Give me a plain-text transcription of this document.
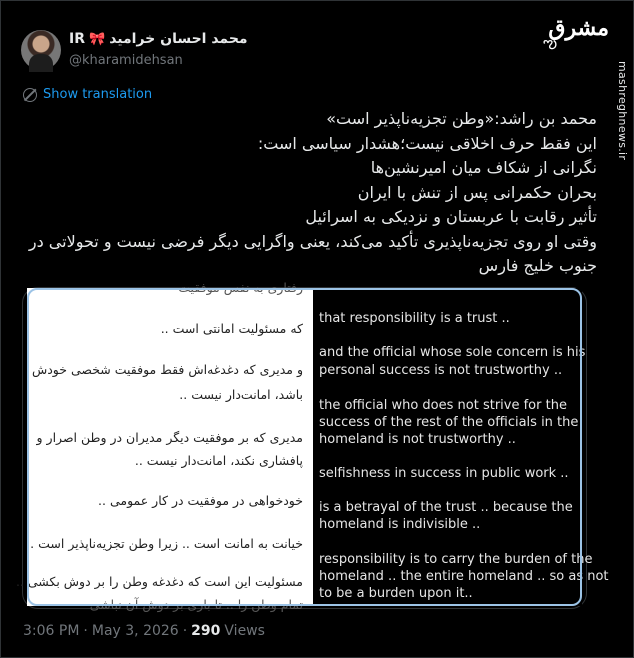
IR 🎀 محمد احسان خرامید
@kharamidehsan
ఌ
مشرق
mashreghnews.ir
Show translation
محمد بن راشد:«وطن تجزیه‌ناپذیر است»
این فقط حرف اخلاقی نیست؛هشدار سیاسی است:
نگرانی از شکاف میان امیرنشین‌ها
بحران حکمرانی پس از تنش با ایران
تأثیر رقابت با عربستان و نزدیکی به اسرائیل
وقتی او روی تجزیه‌ناپذیری تأکید می‌کند، یعنی واگرایی دیگر فرضی نیست و تحولاتی در
جنوب خلیج فارس
رفتاری به نفس موفقیت
که مسئولیت امانتی است ..
و مدیری که دغدغه‌اش فقط موفقیت شخصی خودش
باشد، امانت‌دار نیست ..
مدیری که بر موفقیت دیگر مدیران در وطن اصرار و
پافشاری نکند، امانت‌دار نیست ..
خودخواهی در موفقیت در کار عمومی ..
خیانت به امانت است .. زیرا وطن تجزیه‌ناپذیر است ..
مسئولیت این است که دغدغه وطن را بر دوش بکشی ..
تمام وطن را .. تا باری بر دوش آن نباشی
that responsibility is a trust ..
and the official whose sole concern is his
personal success is not trustworthy ..
the official who does not strive for the
success of the rest of the officials in the
homeland is not trustworthy ..
selfishness in success in public work ..
is a betrayal of the trust .. because the
homeland is indivisible ..
responsibility is to carry the burden of the
homeland .. the entire homeland .. so as not
to be a burden upon it..
3:06 PM · May 3, 2026 · 290 Views
